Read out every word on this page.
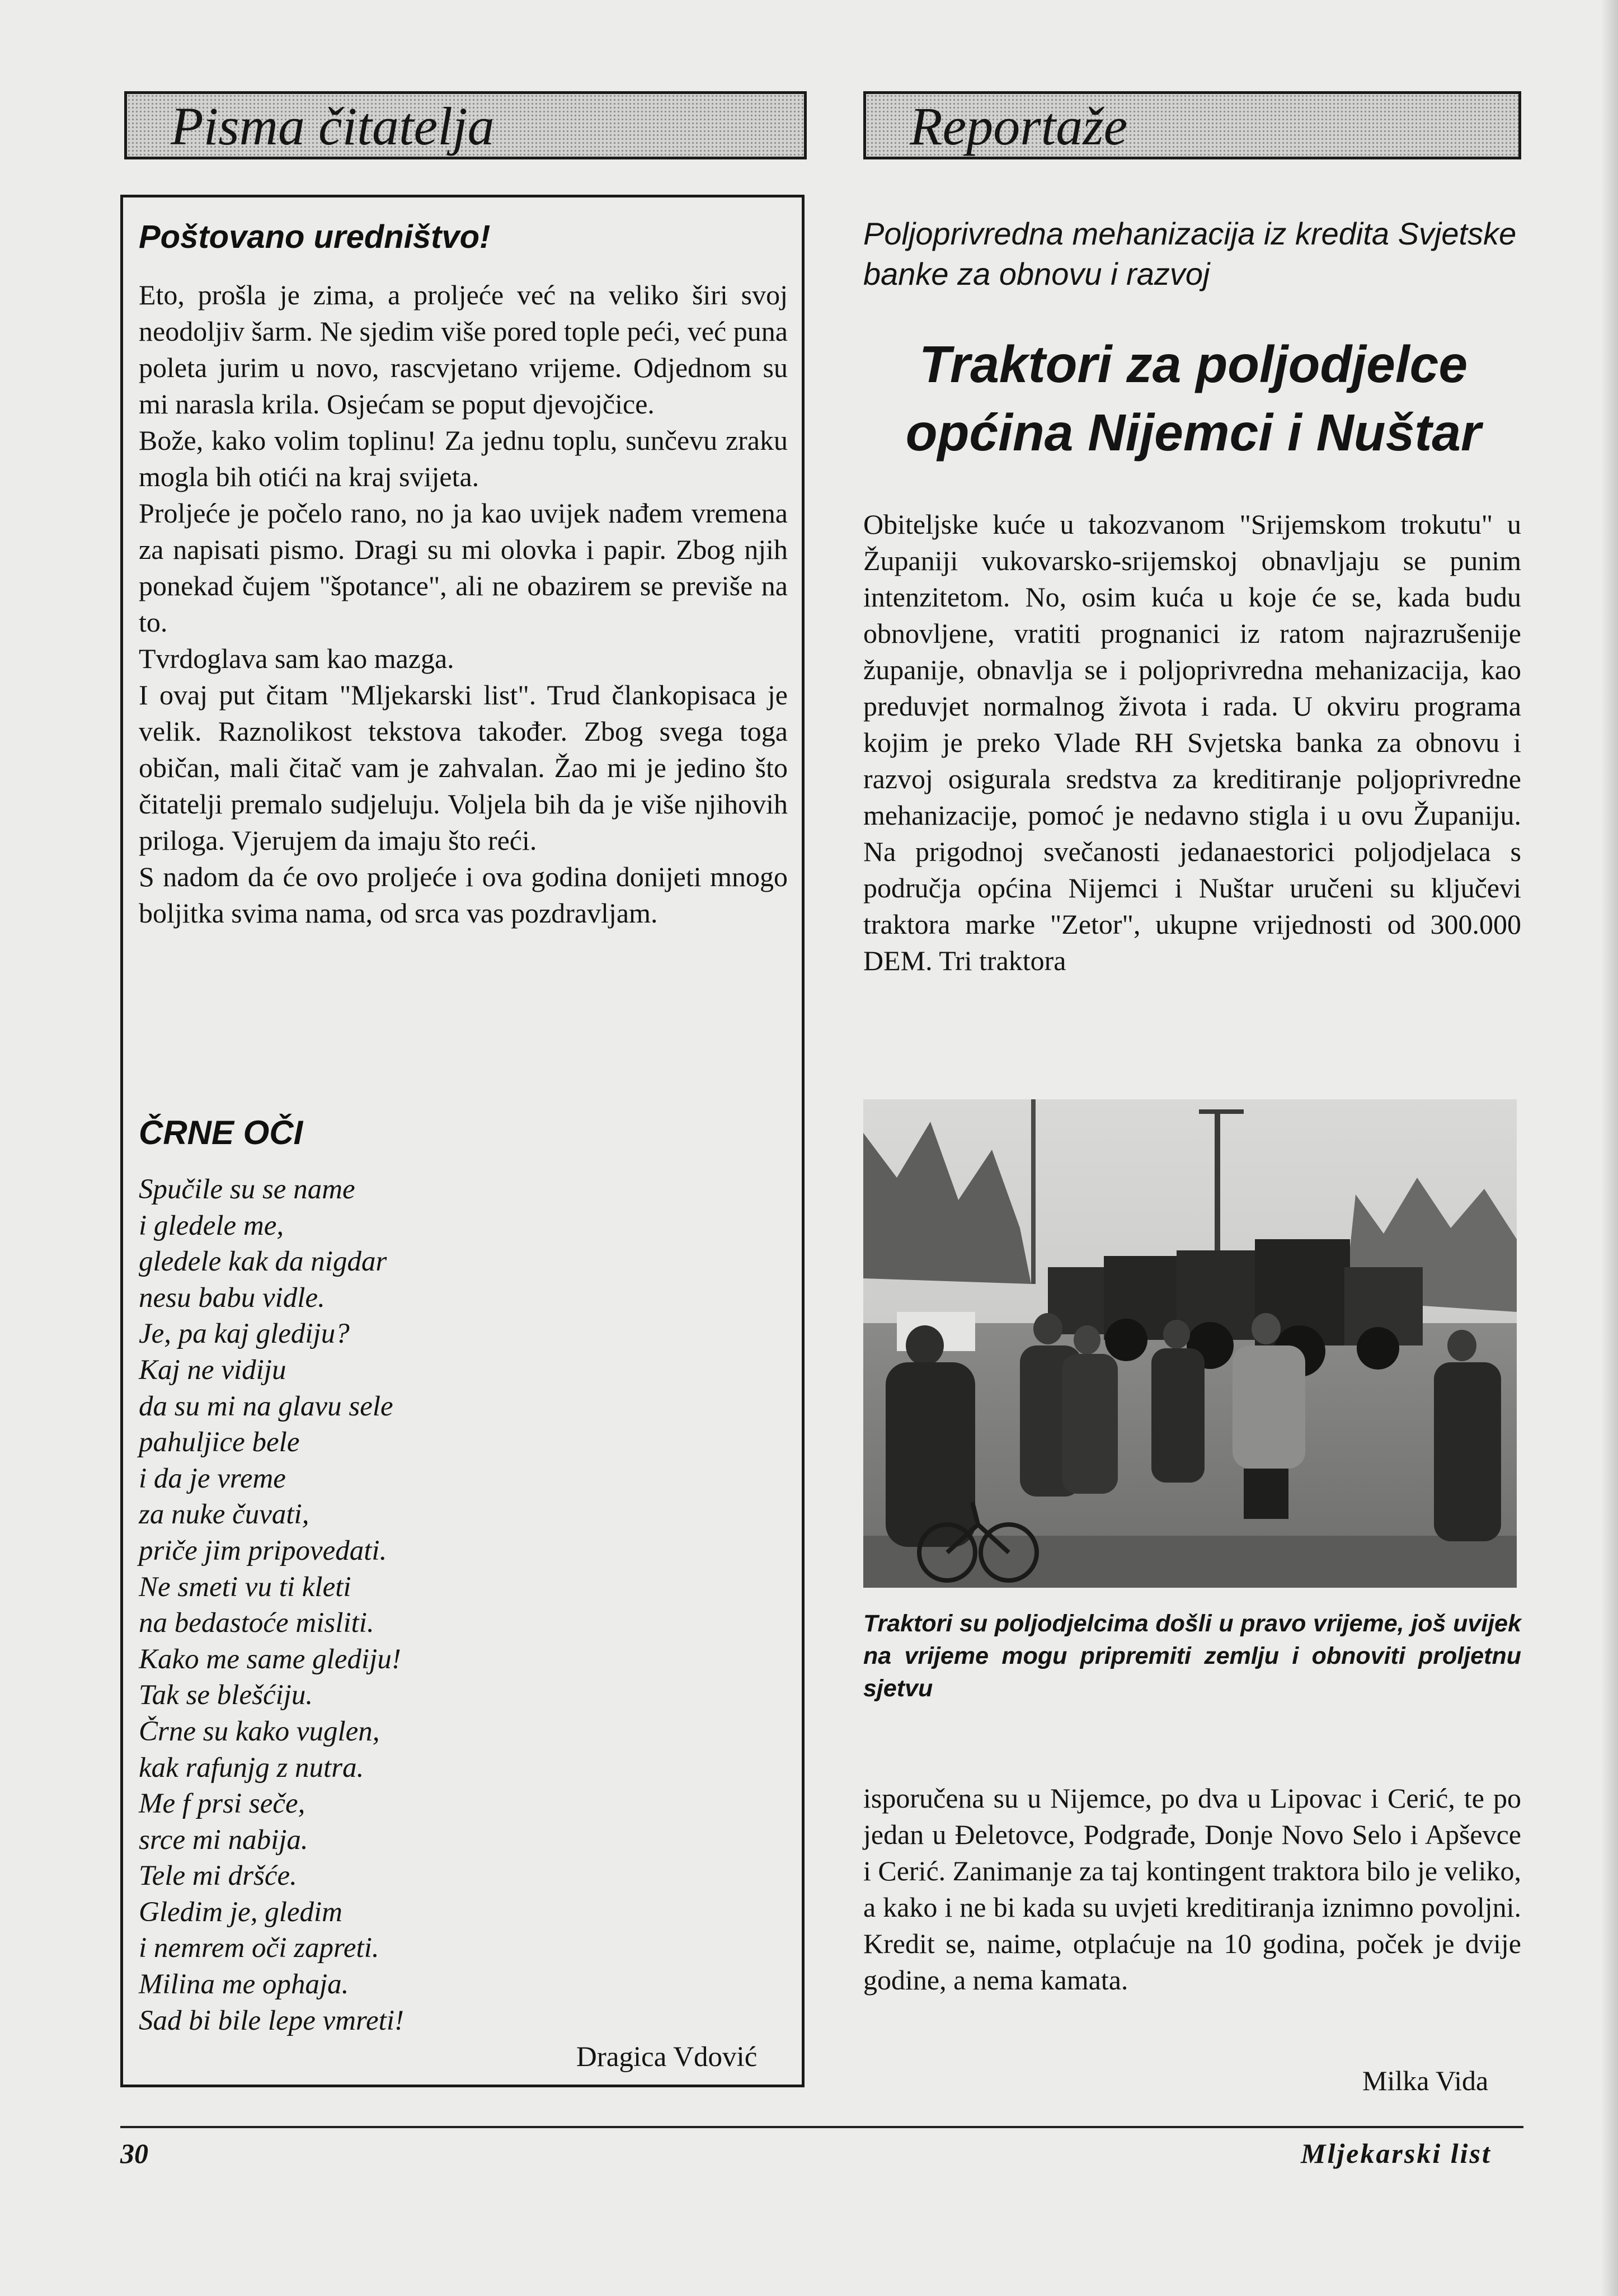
Pisma čitatelja
Poštovano uredništvo!

Eto, prošla je zima, a proljeće već na veliko širi svoj neodoljiv šarm. Ne sjedim više pored tople peći, već puna poleta jurim u novo, rascvjetano vrijeme. Odjednom su mi narasla krila. Osjećam se poput djevojčice.

Bože, kako volim toplinu! Za jednu toplu, sunčevu zraku mogla bih otići na kraj svijeta.

Proljeće je počelo rano, no ja kao uvijek nađem vremena za napisati pismo. Dragi su mi olovka i papir. Zbog njih ponekad čujem "špotance", ali ne obazirem se previše na to.

Tvrdoglava sam kao mazga.

I ovaj put čitam "Mljekarski list". Trud člankopisaca je velik. Raznolikost tekstova također. Zbog svega toga običan, mali čitač vam je zahvalan. Žao mi je jedino što čitatelji premalo sudjeluju. Voljela bih da je više njihovih priloga. Vjerujem da imaju što reći.

S nadom da će ovo proljeće i ova godina donijeti mnogo boljitka svima nama, od srca vas pozdravljam.

ČRNE OČI
Spučile su se name
i gledele me,
gledele kak da nigdar
nesu babu vidle.
Je, pa kaj glediju?
Kaj ne vidiju
da su mi na glavu sele
pahuljice bele
i da je vreme
za nuke čuvati,
priče jim pripovedati.
Ne smeti vu ti kleti
na bedastoće misliti.
Kako me same glediju!
Tak se blešćiju.
Črne su kako vuglen,
kak rafunjg z nutra.
Me f prsi seče,
srce mi nabija.
Tele mi dršće.
Gledim je, gledim
i nemrem oči zapreti.
Milina me ophaja.
Sad bi bile lepe vmreti!
Dragica Vdović
Reportaže
Poljoprivredna mehanizacija iz kredita Svjetske banke za obnovu i razvoj
Traktori za poljodjelce
općina Nijemci i Nuštar
Obiteljske kuće u takozvanom "Srijemskom trokutu" u Županiji vukovarsko-srijemskoj obnavljaju se punim intenzitetom. No, osim kuća u koje će se, kada budu obnovljene, vratiti prognanici iz ratom najrazrušenije županije, obnavlja se i poljoprivredna mehanizacija, kao preduvjet normalnog života i rada. U okviru programa kojim je preko Vlade RH Svjetska banka za obnovu i razvoj osigurala sredstva za kreditiranje poljoprivredne mehanizacije, pomoć je nedavno stigla i u ovu Županiju. Na prigodnoj svečanosti jedanaestorici poljodjelaca s područja općina Nijemci i Nuštar uručeni su ključevi traktora marke "Zetor", ukupne vrijednosti od 300.000 DEM. Tri traktora
Traktori su poljodjelcima došli u pravo vrijeme, još uvijek na vrijeme mogu pripremiti zemlju i obnoviti proljetnu sjetvu
isporučena su u Nijemce, po dva u Lipovac i Cerić, te po jedan u Đeletovce, Podgrađe, Donje Novo Selo i Apševce i Cerić. Zanimanje za taj kontingent traktora bilo je veliko, a kako i ne bi kada su uvjeti kreditiranja iznimno povoljni. Kredit se, naime, otplaćuje na 10 godina, poček je dvije godine, a nema kamata.
Milka Vida
30	Mljekarski list
